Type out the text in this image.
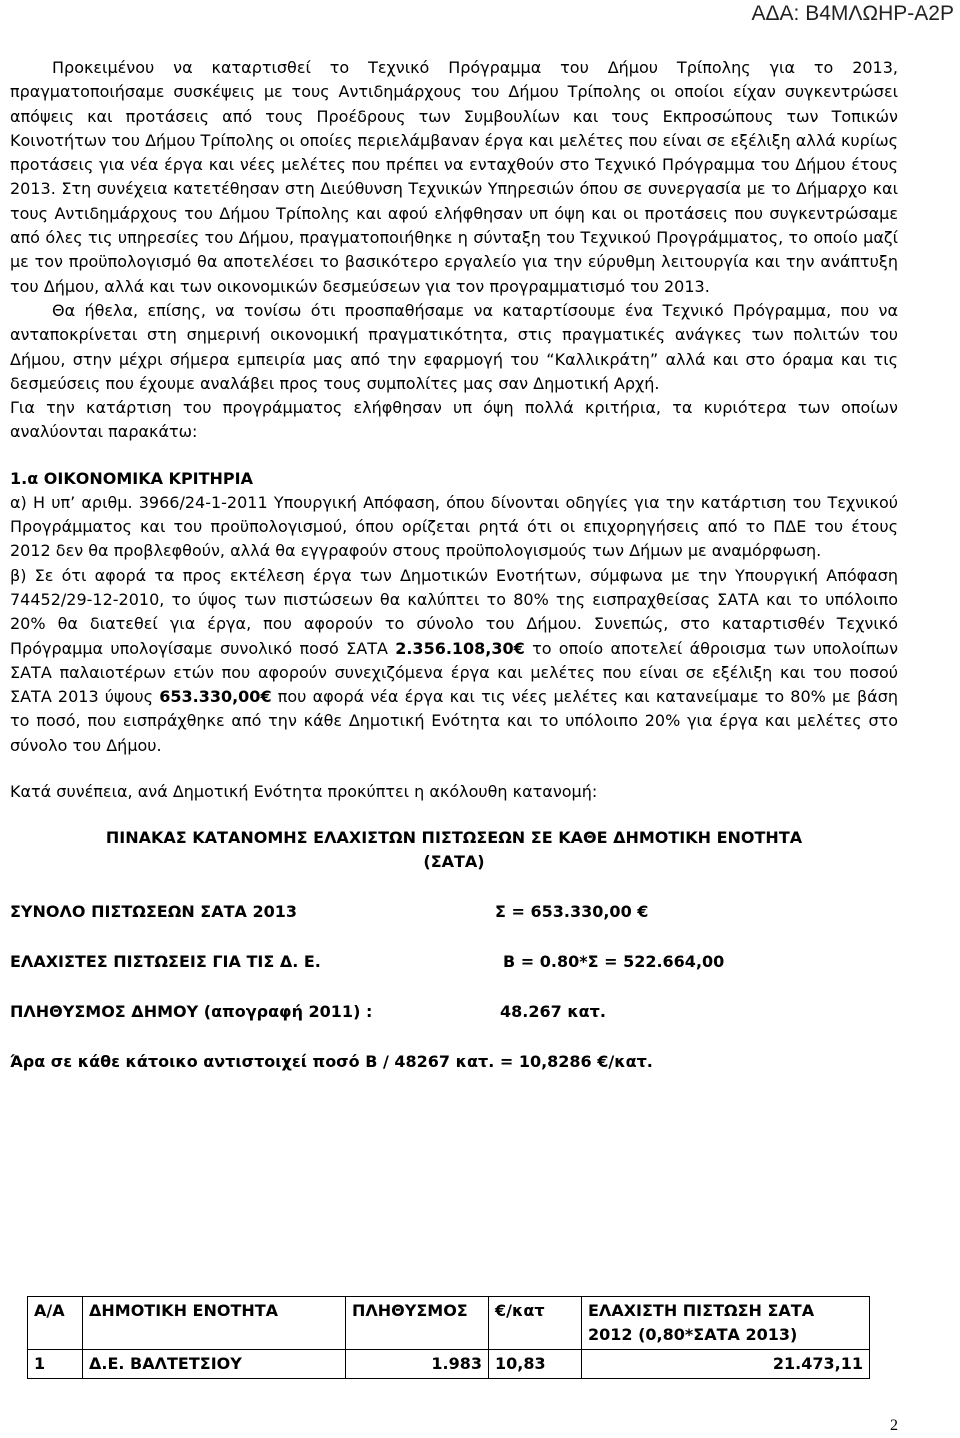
ΑΔΑ: Β4ΜΛΩΗΡ-Α2Ρ

Προκειμένου να καταρτισθεί το Τεχνικό Πρόγραμμα του Δήμου Τρίπολης για το 2013, πραγματοποιήσαμε συσκέψεις με τους Αντιδημάρχους του Δήμου Τρίπολης οι οποίοι είχαν συγκεντρώσει απόψεις και προτάσεις από τους Προέδρους των Συμβουλίων και τους Εκπροσώπους των Τοπικών Κοινοτήτων του Δήμου Τρίπολης οι οποίες περιελάμβαναν έργα και μελέτες που είναι σε εξέλιξη αλλά κυρίως προτάσεις για νέα έργα και νέες μελέτες που πρέπει να ενταχθούν στο Τεχνικό Πρόγραμμα του Δήμου έτους 2013. Στη συνέχεια κατετέθησαν στη Διεύθυνση Τεχνικών Υπηρεσιών όπου σε συνεργασία με το Δήμαρχο και τους Αντιδημάρχους του Δήμου Τρίπολης και αφού ελήφθησαν υπ όψη και οι προτάσεις που συγκεντρώσαμε από όλες τις υπηρεσίες του Δήμου, πραγματοποιήθηκε η σύνταξη του Τεχνικού Προγράμματος, το οποίο μαζί με τον προϋπολογισμό θα αποτελέσει το βασικότερο εργαλείο για την εύρυθμη λειτουργία και την ανάπτυξη του Δήμου, αλλά και των οικονομικών δεσμεύσεων για τον προγραμματισμό του 2013.

Θα ήθελα, επίσης, να τονίσω ότι προσπαθήσαμε να καταρτίσουμε ένα Τεχνικό Πρόγραμμα, που να ανταποκρίνεται στη σημερινή οικονομική πραγματικότητα, στις πραγματικές ανάγκες των πολιτών του Δήμου, στην μέχρι σήμερα εμπειρία μας από την εφαρμογή του “Καλλικράτη” αλλά και στο όραμα και τις δεσμεύσεις που έχουμε αναλάβει προς τους συμπολίτες μας σαν Δημοτική Αρχή.

Για την κατάρτιση του προγράμματος ελήφθησαν υπ όψη πολλά κριτήρια, τα κυριότερα των οποίων αναλύονται παρακάτω:

1.α ΟΙΚΟΝΟΜΙΚΑ ΚΡΙΤΗΡΙΑ

α) Η υπ’ αριθμ. 3966/24-1-2011 Υπουργική Απόφαση, όπου δίνονται οδηγίες για την κατάρτιση του Τεχνικού Προγράμματος και του προϋπολογισμού, όπου ορίζεται ρητά ότι οι επιχορηγήσεις από το ΠΔΕ του έτους 2012 δεν θα προβλεφθούν, αλλά θα εγγραφούν στους προϋπολογισμούς των Δήμων με αναμόρφωση.

β) Σε ότι αφορά τα προς εκτέλεση έργα των Δημοτικών Ενοτήτων, σύμφωνα με την Υπουργική Απόφαση 74452/29-12-2010, το ύψος των πιστώσεων θα καλύπτει το 80% της εισπραχθείσας ΣΑΤΑ και το υπόλοιπο 20% θα διατεθεί για έργα, που αφορούν το σύνολο του Δήμου. Συνεπώς, στο καταρτισθέν Τεχνικό Πρόγραμμα υπολογίσαμε συνολικό ποσό ΣΑΤΑ 2.356.108,30€ το οποίο αποτελεί άθροισμα των υπολοίπων ΣΑΤΑ παλαιοτέρων ετών που αφορούν συνεχιζόμενα έργα και μελέτες που είναι σε εξέλιξη και του ποσού ΣΑΤΑ 2013 ύψους 653.330,00€ που αφορά νέα έργα και τις νέες μελέτες και κατανείμαμε το 80% με βάση το ποσό, που εισπράχθηκε από την κάθε Δημοτική Ενότητα και το υπόλοιπο 20% για έργα και μελέτες στο σύνολο του Δήμου.

Κατά συνέπεια, ανά Δημοτική Ενότητα προκύπτει η ακόλουθη κατανομή:

ΠΙΝΑΚΑΣ ΚΑΤΑΝΟΜΗΣ ΕΛΑΧΙΣΤΩΝ ΠΙΣΤΩΣΕΩΝ ΣΕ ΚΑΘΕ ΔΗΜΟΤΙΚΗ ΕΝΟΤΗΤΑ

(ΣΑΤΑ)

ΣΥΝΟΛΟ ΠΙΣΤΩΣΕΩΝ ΣΑΤΑ 2013	Σ = 653.330,00 €
ΕΛΑΧΙΣΤΕΣ ΠΙΣΤΩΣΕΙΣ ΓΙΑ ΤΙΣ Δ. Ε.	Β = 0.80*Σ = 522.664,00
ΠΛΗΘΥΣΜΟΣ ΔΗΜΟΥ (απογραφή 2011) :	48.267 κατ.

Άρα σε κάθε κάτοικο αντιστοιχεί ποσό Β / 48267 κατ. = 10,8286 €/κατ.

Α/Α	ΔΗΜΟΤΙΚΗ ΕΝΟΤΗΤΑ	ΠΛΗΘΥΣΜΟΣ	€/κατ	ΕΛΑΧΙΣΤΗ ΠΙΣΤΩΣΗ ΣΑΤΑ 2012 (0,80*ΣΑΤΑ 2013)
1	Δ.Ε. ΒΑΛΤΕΤΣΙΟΥ	1.983	10,83	21.473,11
2
